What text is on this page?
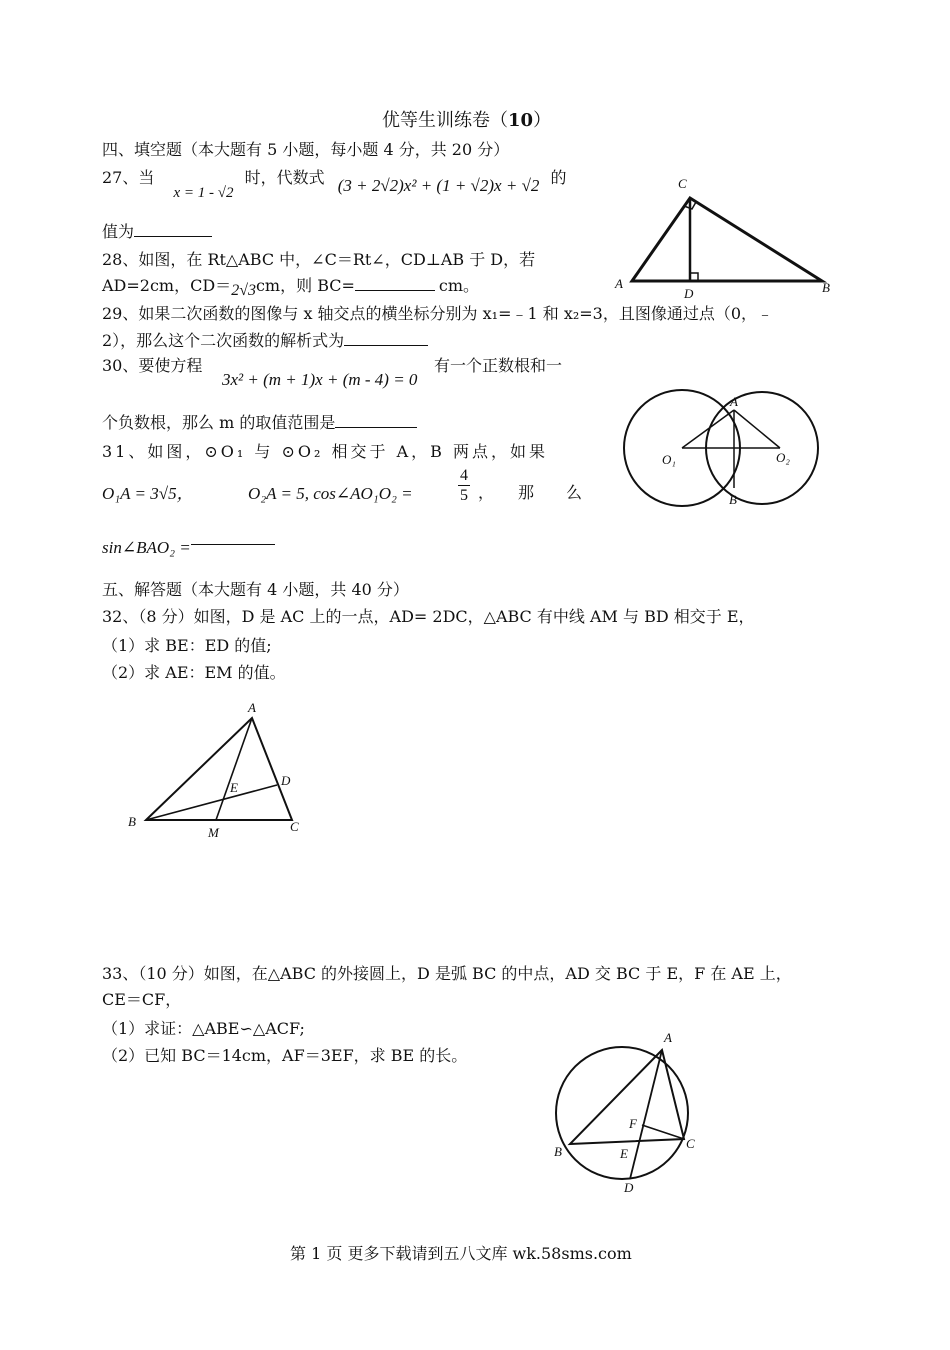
优等生训练卷（10）
四、填空题（本大题有 5 小题，每小题 4 分，共 20 分）
27、当 x = 1 - √2 时，代数式 (3 + 2√2)x² + (1 + √2)x + √2 的
值为
C
A
D	B
28、如图，在 Rt△ABC 中，∠C＝Rt∠，CD⊥AB 于 D，若
AD=2cm，CD＝2√3cm，则 BC=	cm。
29、如果二次函数的图像与 x 轴交点的横坐标分别为 x₁=﹣1 和 x₂=3，且图像通过点（0，﹣
2），那么这个二次函数的解析式为
30、要使方程
3x² + (m + 1)x + (m - 4) = 0
有一个正数根和一
个负数根，那么 m 的取值范围是
A
B
O₁	O₂
31、如图，⊙O₁ 与 ⊙O₂ 相交于 A，B 两点，如果
O₁A = 3√5，	O₂A = 5, cos∠AO₁O₂ =
4
5 ，　那　么
sin∠BAO₂ =
五、解答题（本大题有 4 小题，共 40 分）
32、（8 分）如图，D 是 AC 上的一点，AD= 2DC，△ABC 有中线 AM 与 BD 相交于 E，
（1）求 BE：ED 的值;
（2）求 AE：EM 的值。
A
B	C
D
E
M
33、（10 分）如图，在△ABC 的外接圆上，D 是弧 BC 的中点，AD 交 BC 于 E，F 在 AE 上，
CE＝CF，
（1）求证：△ABE∽△ACF;
（2）已知 BC＝14cm，AF＝3EF，求 BE 的长。
A
B
C
D
E
F
第 1 页 更多下载请到五八文库 wk.58sms.com
